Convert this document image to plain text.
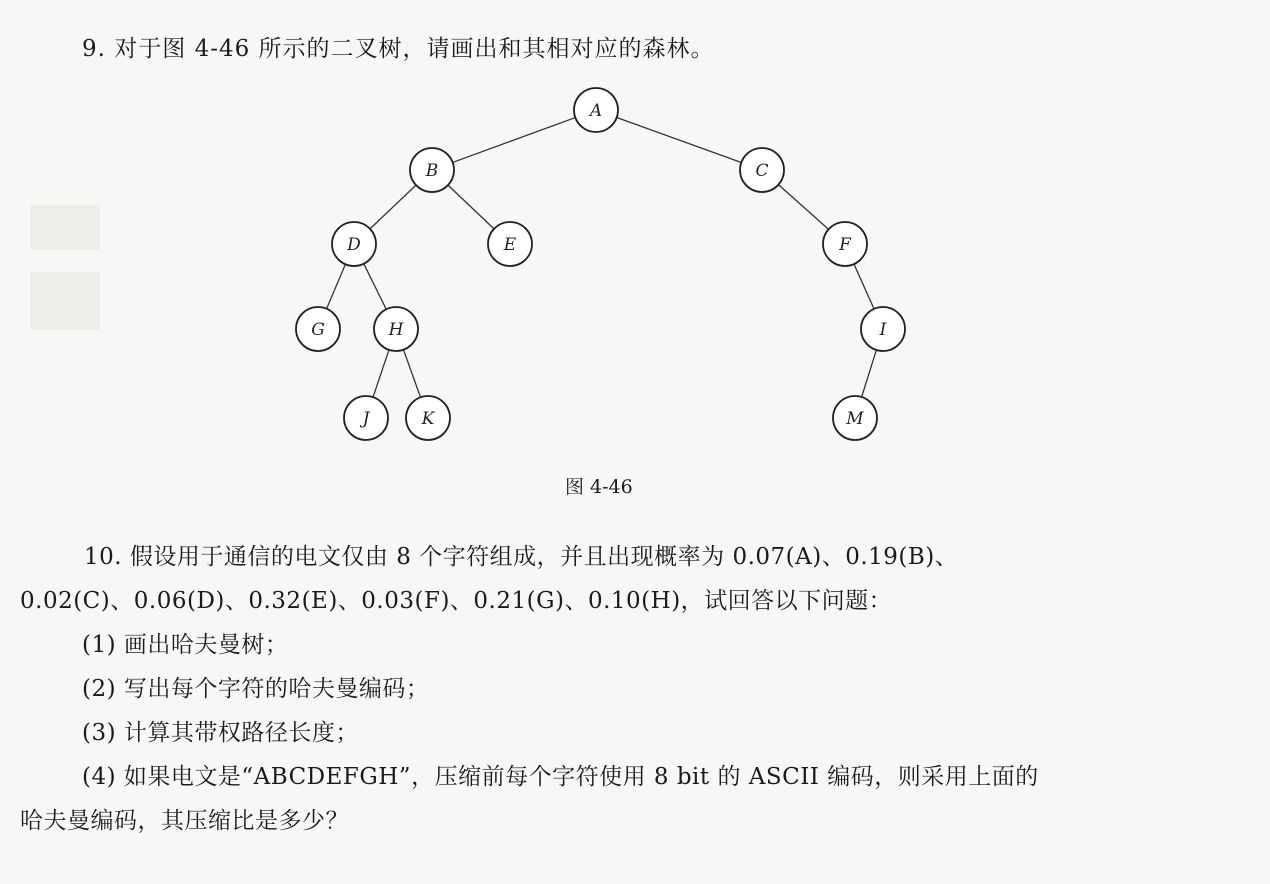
9. 对于图 4-46 所示的二叉树，请画出和其相对应的森林。
A
B	C
D	E	F
G	H	I
J	K	M
图 4-46
10. 假设用于通信的电文仅由 8 个字符组成，并且出现概率为 0.07(A)、0.19(B)、
0.02(C)、0.06(D)、0.32(E)、0.03(F)、0.21(G)、0.10(H)，试回答以下问题：
(1) 画出哈夫曼树；
(2) 写出每个字符的哈夫曼编码；
(3) 计算其带权路径长度；
(4) 如果电文是“ABCDEFGH”，压缩前每个字符使用 8 bit 的 ASCII 编码，则采用上面的
哈夫曼编码，其压缩比是多少？
